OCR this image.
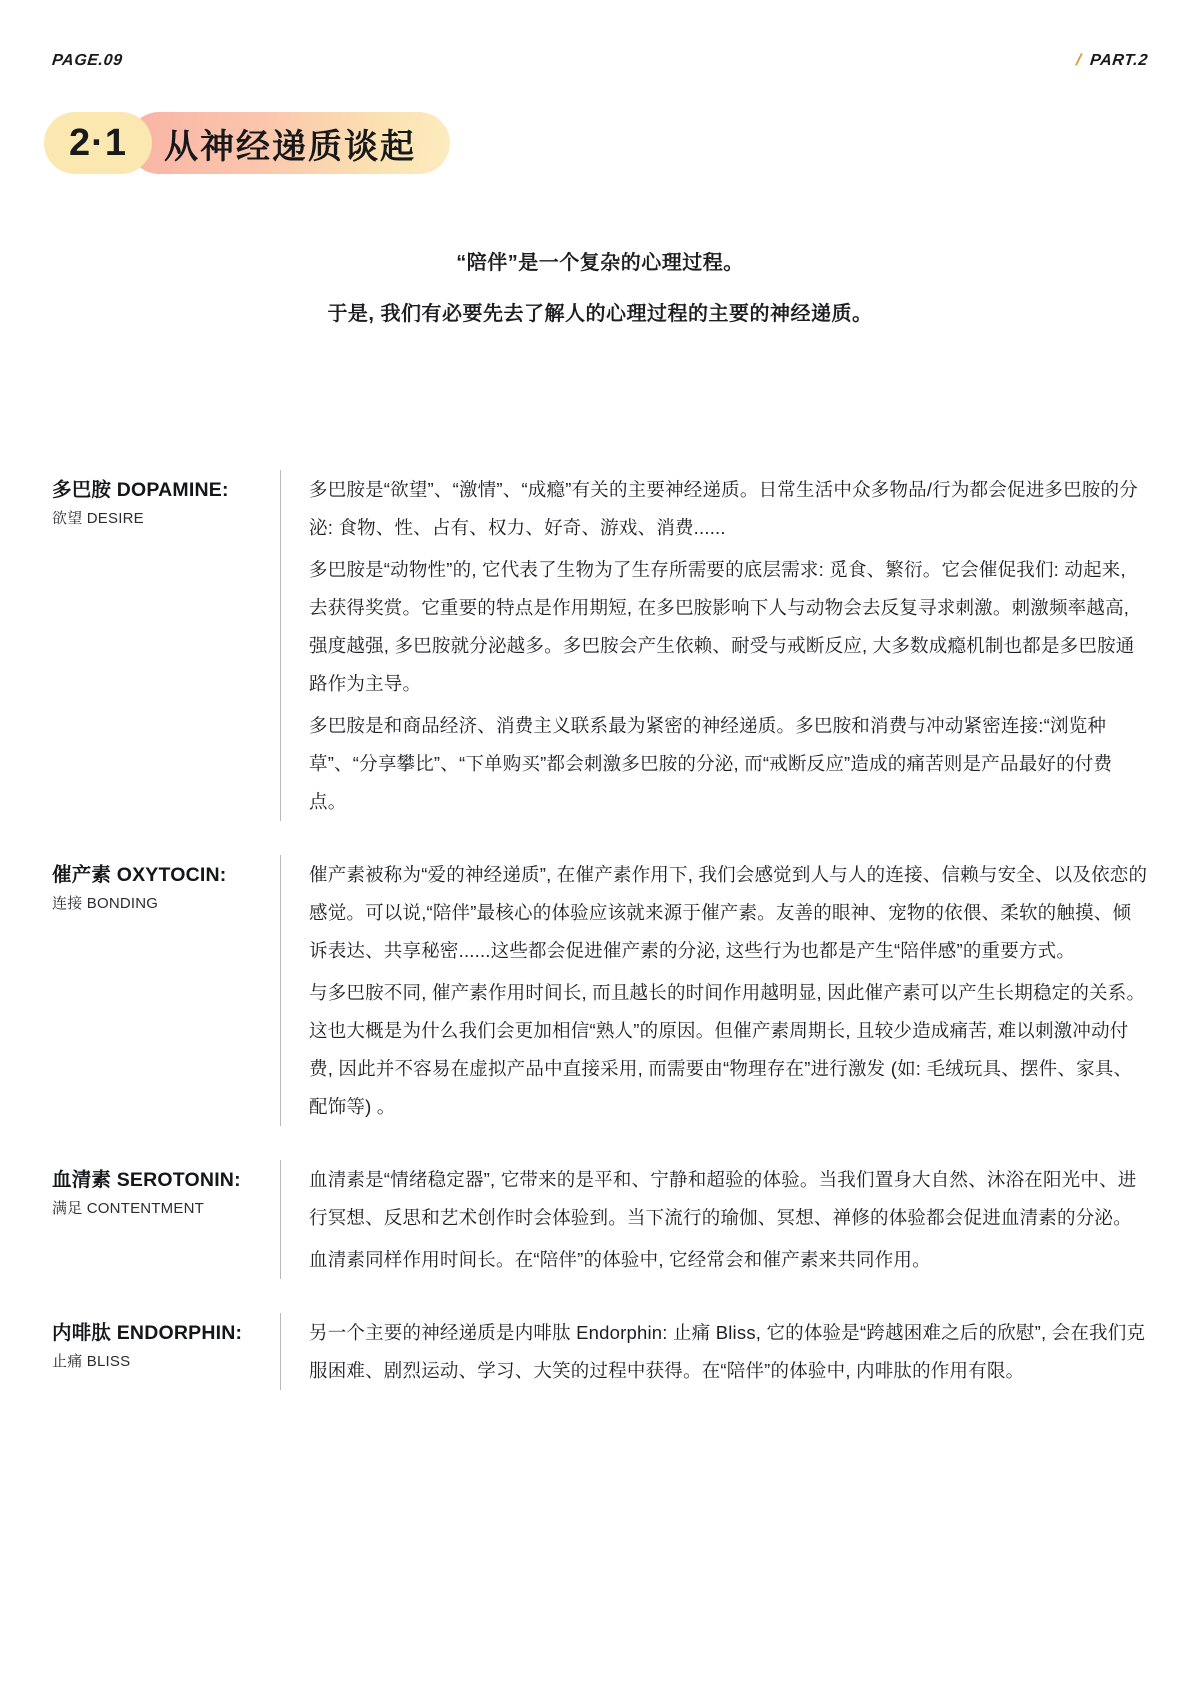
PAGE.09	/ PART.2
2·1	从神经递质谈起

“陪伴”是一个复杂的心理过程。

于是, 我们有必要先去了解人的心理过程的主要的神经递质。

多巴胺 DOPAMINE:
欲望 DESIRE

多巴胺是“欲望”、“激情”、“成瘾”有关的主要神经递质。日常生活中众多物品/行为都会促进多巴胺的分泌: 食物、性、占有、权力、好奇、游戏、消费......

多巴胺是“动物性”的, 它代表了生物为了生存所需要的底层需求: 觅食、繁衍。它会催促我们: 动起来, 去获得奖赏。它重要的特点是作用期短, 在多巴胺影响下人与动物会去反复寻求刺激。刺激频率越高, 强度越强, 多巴胺就分泌越多。多巴胺会产生依赖、耐受与戒断反应, 大多数成瘾机制也都是多巴胺通路作为主导。

多巴胺是和商品经济、消费主义联系最为紧密的神经递质。多巴胺和消费与冲动紧密连接:“浏览种草”、“分享攀比”、“下单购买”都会刺激多巴胺的分泌, 而“戒断反应”造成的痛苦则是产品最好的付费点。

催产素 OXYTOCIN:
连接 BONDING

催产素被称为“爱的神经递质”, 在催产素作用下, 我们会感觉到人与人的连接、信赖与安全、以及依恋的感觉。可以说,“陪伴”最核心的体验应该就来源于催产素。友善的眼神、宠物的依偎、柔软的触摸、倾诉表达、共享秘密......这些都会促进催产素的分泌, 这些行为也都是产生“陪伴感”的重要方式。

与多巴胺不同, 催产素作用时间长, 而且越长的时间作用越明显, 因此催产素可以产生长期稳定的关系。这也大概是为什么我们会更加相信“熟人”的原因。但催产素周期长, 且较少造成痛苦, 难以刺激冲动付费, 因此并不容易在虚拟产品中直接采用, 而需要由“物理存在”进行激发 (如: 毛绒玩具、摆件、家具、配饰等) 。

血清素 SEROTONIN:
满足 CONTENTMENT

血清素是“情绪稳定器”, 它带来的是平和、宁静和超验的体验。当我们置身大自然、沐浴在阳光中、进行冥想、反思和艺术创作时会体验到。当下流行的瑜伽、冥想、禅修的体验都会促进血清素的分泌。

血清素同样作用时间长。在“陪伴”的体验中, 它经常会和催产素来共同作用。

内啡肽 ENDORPHIN:
止痛 BLISS

另一个主要的神经递质是内啡肽 Endorphin: 止痛 Bliss, 它的体验是“跨越困难之后的欣慰”, 会在我们克服困难、剧烈运动、学习、大笑的过程中获得。在“陪伴”的体验中, 内啡肽的作用有限。
